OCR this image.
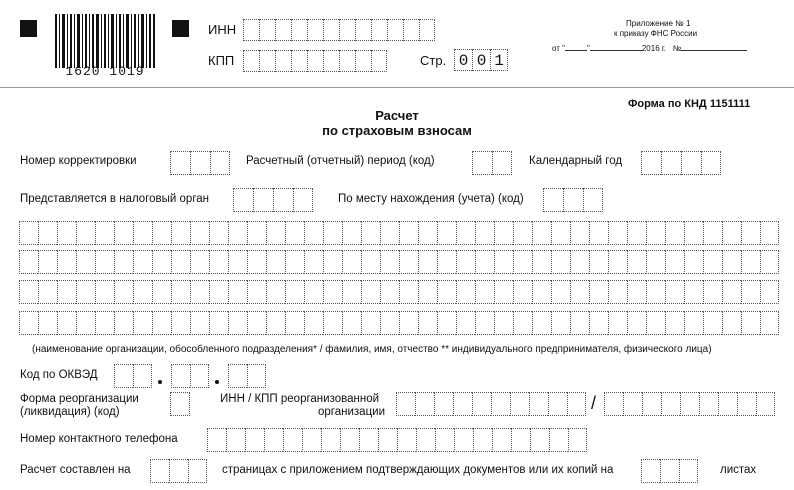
1620 1019
ИНН
КПП	Стр. 0 0 1
Приложение № 1
к приказу ФНС России
от "	"	2016 г. №
Форма по КНД 1151111
Расчет
по страховым взносам
Номер корректировки	Расчетный (отчетный) период (код)	Календарный год
Представляется в налоговый орган	По месту нахождения (учета) (код)
(наименование организации, обособленного подразделения* / фамилия, имя, отчество ** индивидуального предпринимателя, физического лица)
Код по ОКВЭД
Форма реорганизации
(ликвидация) (код)
ИНН / КПП реорганизованной
организации	/
Номер контактного телефона
Расчет составлен на	страницах с приложением подтверждающих документов или их копий на	листах
